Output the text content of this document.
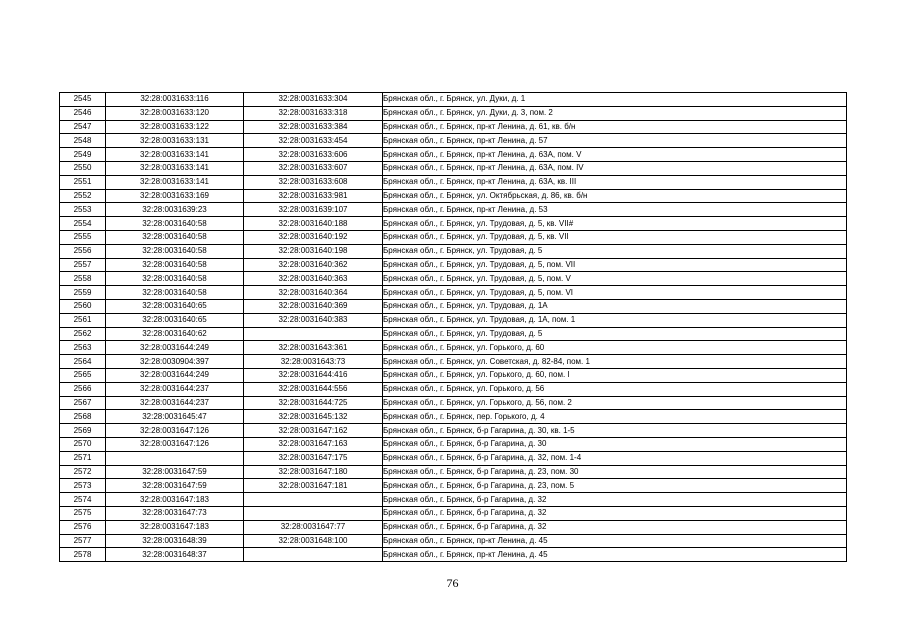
2545	32:28:0031633:116	32:28:0031633:304	Брянская обл., г. Брянск, ул. Дуки, д. 1
2546	32:28:0031633:120	32:28:0031633:318	Брянская обл., г. Брянск, ул. Дуки, д. 3, пом. 2
2547	32:28:0031633:122	32:28:0031633:384	Брянская обл., г. Брянск, пр-кт Ленина, д. 61, кв. б/н
2548	32:28:0031633:131	32:28:0031633:454	Брянская обл., г. Брянск, пр-кт Ленина, д. 57
2549	32:28:0031633:141	32:28:0031633:606	Брянская обл., г. Брянск, пр-кт Ленина, д. 63А, пом. V
2550	32:28:0031633:141	32:28:0031633:607	Брянская обл., г. Брянск, пр-кт Ленина, д. 63А, пом. IV
2551	32:28:0031633:141	32:28:0031633:608	Брянская обл., г. Брянск, пр-кт Ленина, д. 63А, кв. III
2552	32:28:0031633:169	32:28:0031633:981	Брянская обл., г. Брянск, ул. Октябрьская, д. 86, кв. б/н
2553	32:28:0031639:23	32:28:0031639:107	Брянская обл., г. Брянск, пр-кт Ленина, д. 53
2554	32:28:0031640:58	32:28:0031640:188	Брянская обл., г. Брянск, ул. Трудовая, д. 5, кв. VII#
2555	32:28:0031640:58	32:28:0031640:192	Брянская обл., г. Брянск, ул. Трудовая, д. 5, кв. VII
2556	32:28:0031640:58	32:28:0031640:198	Брянская обл., г. Брянск, ул. Трудовая, д. 5
2557	32:28:0031640:58	32:28:0031640:362	Брянская обл., г. Брянск, ул. Трудовая, д. 5, пом. VII
2558	32:28:0031640:58	32:28:0031640:363	Брянская обл., г. Брянск, ул. Трудовая, д. 5, пом. V
2559	32:28:0031640:58	32:28:0031640:364	Брянская обл., г. Брянск, ул. Трудовая, д. 5, пом. VI
2560	32:28:0031640:65	32:28:0031640:369	Брянская обл., г. Брянск, ул. Трудовая, д. 1А
2561	32:28:0031640:65	32:28:0031640:383	Брянская обл., г. Брянск, ул. Трудовая, д. 1А, пом. 1
2562	32:28:0031640:62		Брянская обл., г. Брянск, ул. Трудовая, д. 5
2563	32:28:0031644:249	32:28:0031643:361	Брянская обл., г. Брянск, ул. Горького, д. 60
2564	32:28:0030904:397	32:28:0031643:73	Брянская обл., г. Брянск, ул. Советская, д. 82-84, пом. 1
2565	32:28:0031644:249	32:28:0031644:416	Брянская обл., г. Брянск, ул. Горького, д. 60, пом. I
2566	32:28:0031644:237	32:28:0031644:556	Брянская обл., г. Брянск, ул. Горького, д. 56
2567	32:28:0031644:237	32:28:0031644:725	Брянская обл., г. Брянск, ул. Горького, д. 56, пом. 2
2568	32:28:0031645:47	32:28:0031645:132	Брянская обл., г. Брянск, пер. Горького, д. 4
2569	32:28:0031647:126	32:28:0031647:162	Брянская обл., г. Брянск, б-р Гагарина, д. 30, кв. 1-5
2570	32:28:0031647:126	32:28:0031647:163	Брянская обл., г. Брянск, б-р Гагарина, д. 30
2571		32:28:0031647:175	Брянская обл., г. Брянск, б-р Гагарина, д. 32, пом. 1-4
2572	32:28:0031647:59	32:28:0031647:180	Брянская обл., г. Брянск, б-р Гагарина, д. 23, пом. 30
2573	32:28:0031647:59	32:28:0031647:181	Брянская обл., г. Брянск, б-р Гагарина, д. 23, пом. 5
2574	32:28:0031647:183		Брянская обл., г. Брянск, б-р Гагарина, д. 32
2575	32:28:0031647:73		Брянская обл., г. Брянск, б-р Гагарина, д. 32
2576	32:28:0031647:183	32:28:0031647:77	Брянская обл., г. Брянск, б-р Гагарина, д. 32
2577	32:28:0031648:39	32:28:0031648:100	Брянская обл., г. Брянск, пр-кт Ленина, д. 45
2578	32:28:0031648:37		Брянская обл., г. Брянск, пр-кт Ленина, д. 45
76
